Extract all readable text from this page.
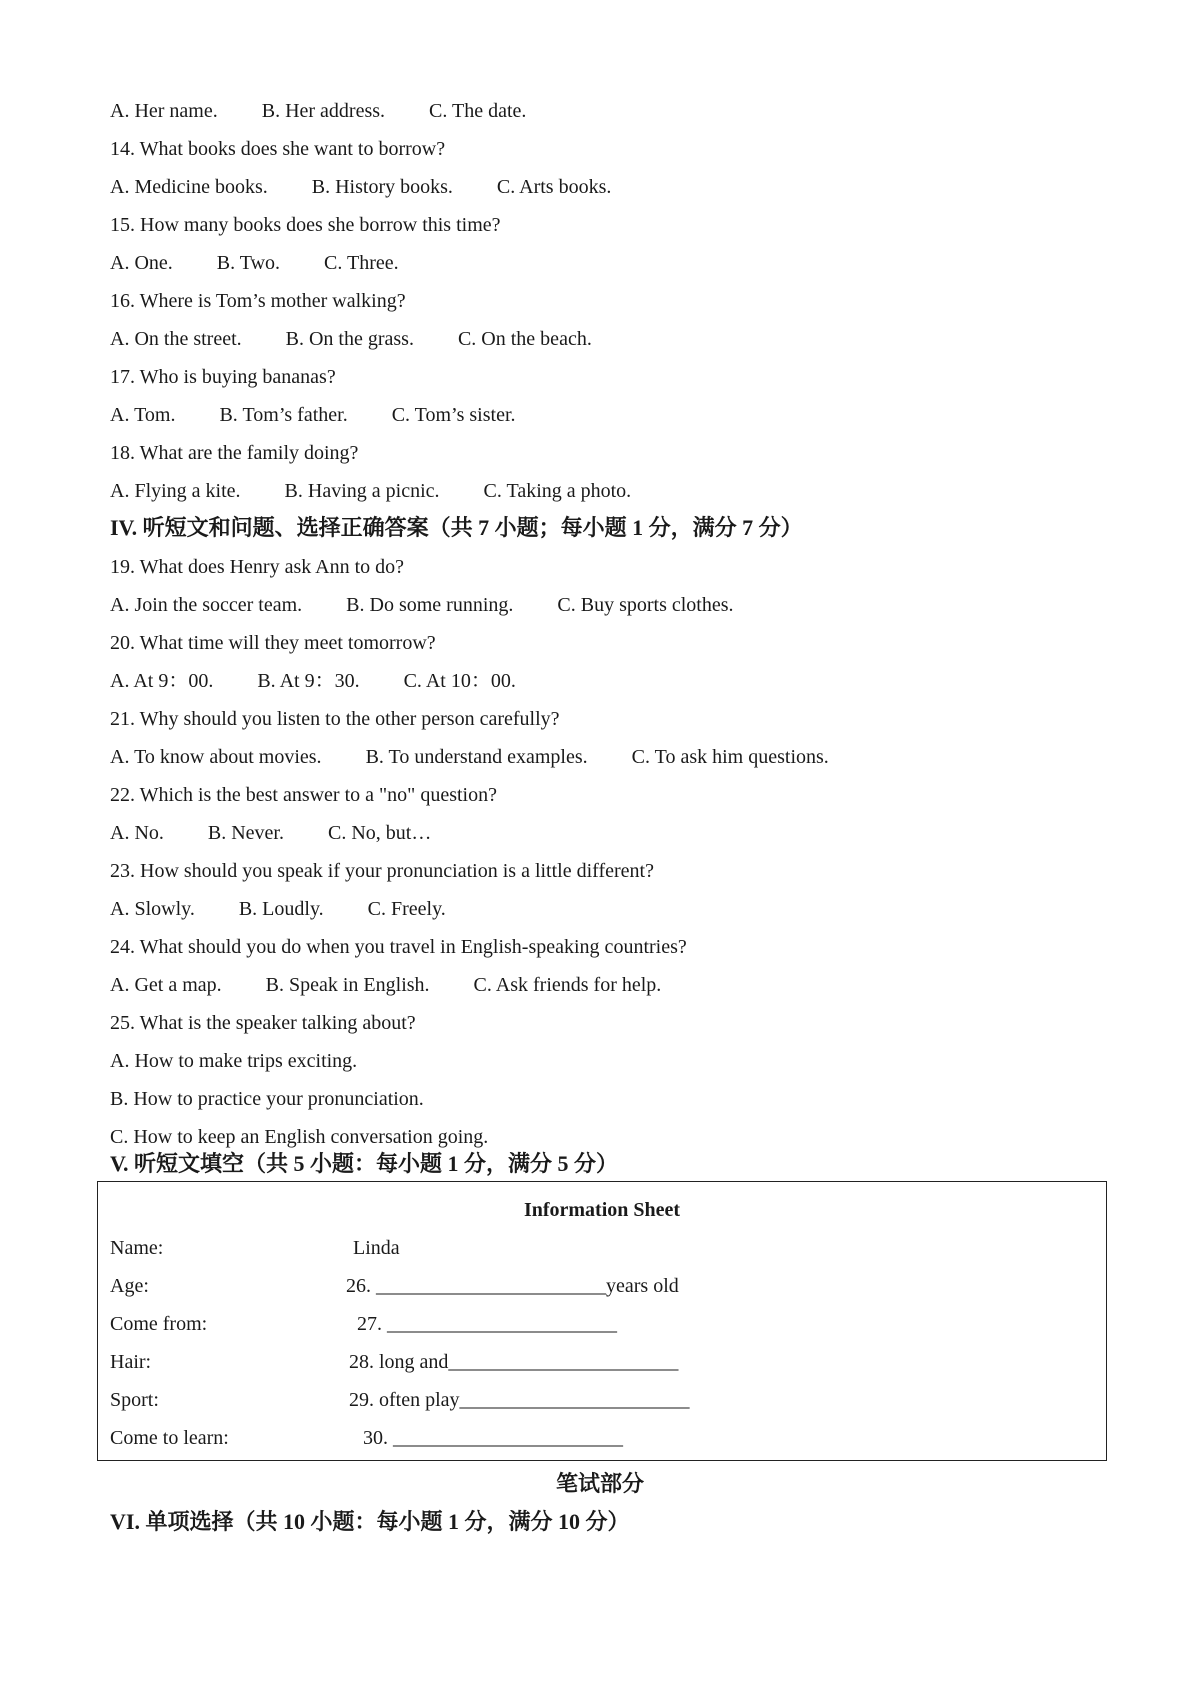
A. Her name. B. Her address. C. The date.
14. What books does she want to borrow?
A. Medicine books. B. History books. C. Arts books.
15. How many books does she borrow this time?
A. One. B. Two. C. Three.
16. Where is Tom’s mother walking?
A. On the street. B. On the grass. C. On the beach.
17. Who is buying bananas?
A. Tom. B. Tom’s father. C. Tom’s sister.
18. What are the family doing?
A. Flying a kite. B. Having a picnic. C. Taking a photo.
IV. 听短文和问题、选择正确答案（共 7 小题；每小题 1 分，满分 7 分）
19. What does Henry ask Ann to do?
A. Join the soccer team. B. Do some running. C. Buy sports clothes.
20. What time will they meet tomorrow?
A. At 9：00. B. At 9：30. C. At 10：00.
21. Why should you listen to the other person carefully?
A. To know about movies. B. To understand examples. C. To ask him questions.
22. Which is the best answer to a "no" question?
A. No. B. Never. C. No, but…
23. How should you speak if your pronunciation is a little different?
A. Slowly. B. Loudly. C. Freely.
24. What should you do when you travel in English-speaking countries?
A. Get a map. B. Speak in English. C. Ask friends for help.
25. What is the speaker talking about?
A. How to make trips exciting.
B. How to practice your pronunciation.
C. How to keep an English conversation going.
V. 听短文填空（共 5 小题：每小题 1 分，满分 5 分）
Information Sheet
Name:	Linda
Age:	26. _______________________years old
Come from:	27. _______________________
Hair:	28. long and_______________________
Sport:	29. often play_______________________
Come to learn:	30. _______________________
笔试部分
VI. 单项选择（共 10 小题：每小题 1 分，满分 10 分）
